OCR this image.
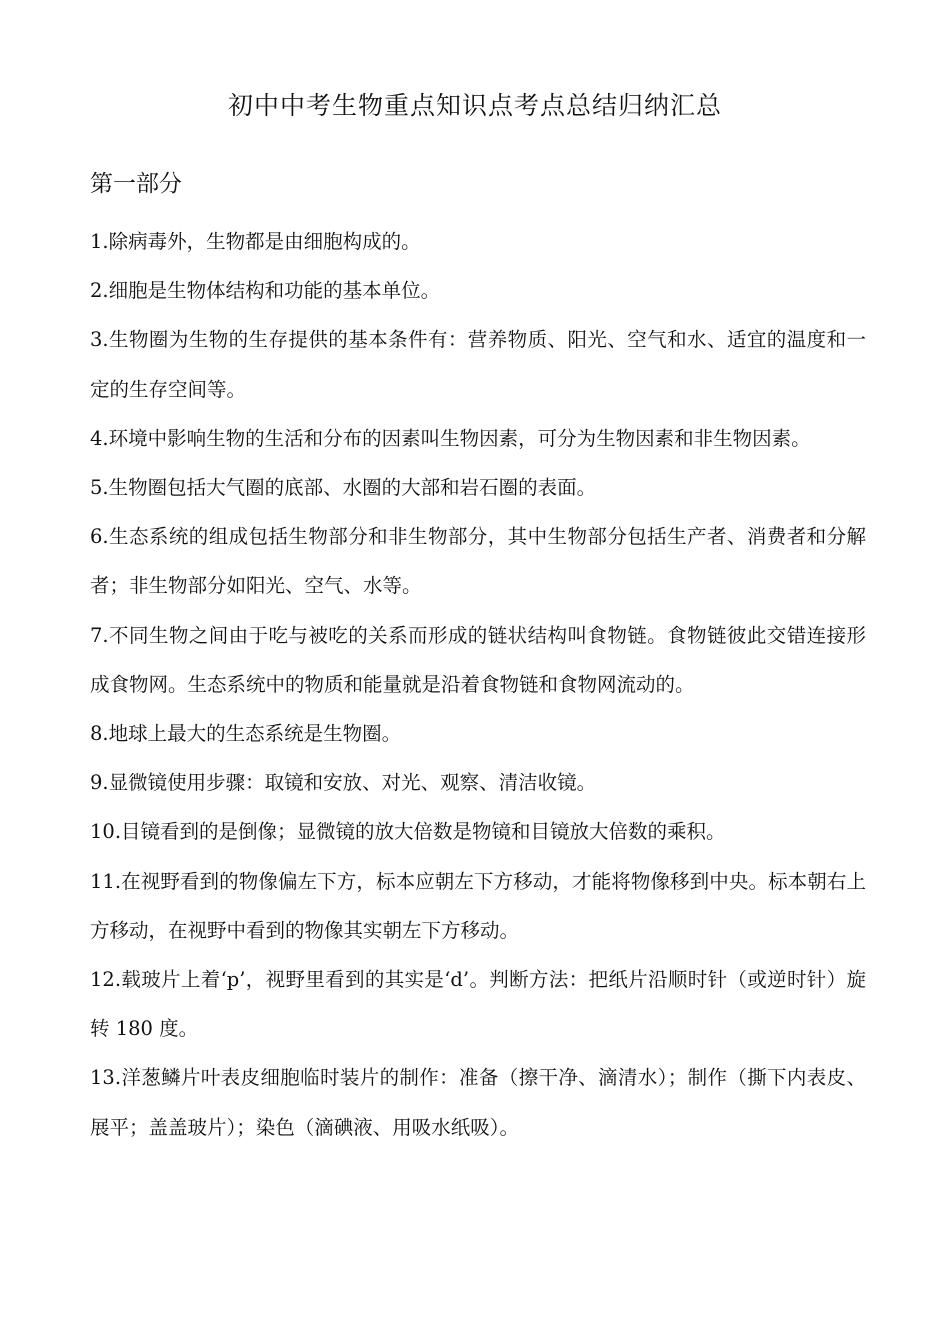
初中中考生物重点知识点考点总结归纳汇总
第一部分
1.除病毒外，生物都是由细胞构成的。
2.细胞是生物体结构和功能的基本单位。
3.生物圈为生物的生存提供的基本条件有：营养物质、阳光、空气和水、适宜的温度和一定的生存空间等。
4.环境中影响生物的生活和分布的因素叫生物因素，可分为生物因素和非生物因素。
5.生物圈包括大气圈的底部、水圈的大部和岩石圈的表面。
6.生态系统的组成包括生物部分和非生物部分，其中生物部分包括生产者、消费者和分解者；非生物部分如阳光、空气、水等。
7.不同生物之间由于吃与被吃的关系而形成的链状结构叫食物链。食物链彼此交错连接形成食物网。生态系统中的物质和能量就是沿着食物链和食物网流动的。
8.地球上最大的生态系统是生物圈。
9.显微镜使用步骤：取镜和安放、对光、观察、清洁收镜。
10.目镜看到的是倒像；显微镜的放大倍数是物镜和目镜放大倍数的乘积。
11.在视野看到的物像偏左下方，标本应朝左下方移动，才能将物像移到中央。标本朝右上方移动，在视野中看到的物像其实朝左下方移动。
12.载玻片上着‘p’，视野里看到的其实是‘d’。判断方法：把纸片沿顺时针（或逆时针）旋转 180 度。
13.洋葱鳞片叶表皮细胞临时装片的制作：准备（擦干净、滴清水）；制作（撕下内表皮、展平；盖盖玻片）；染色（滴碘液、用吸水纸吸）。
